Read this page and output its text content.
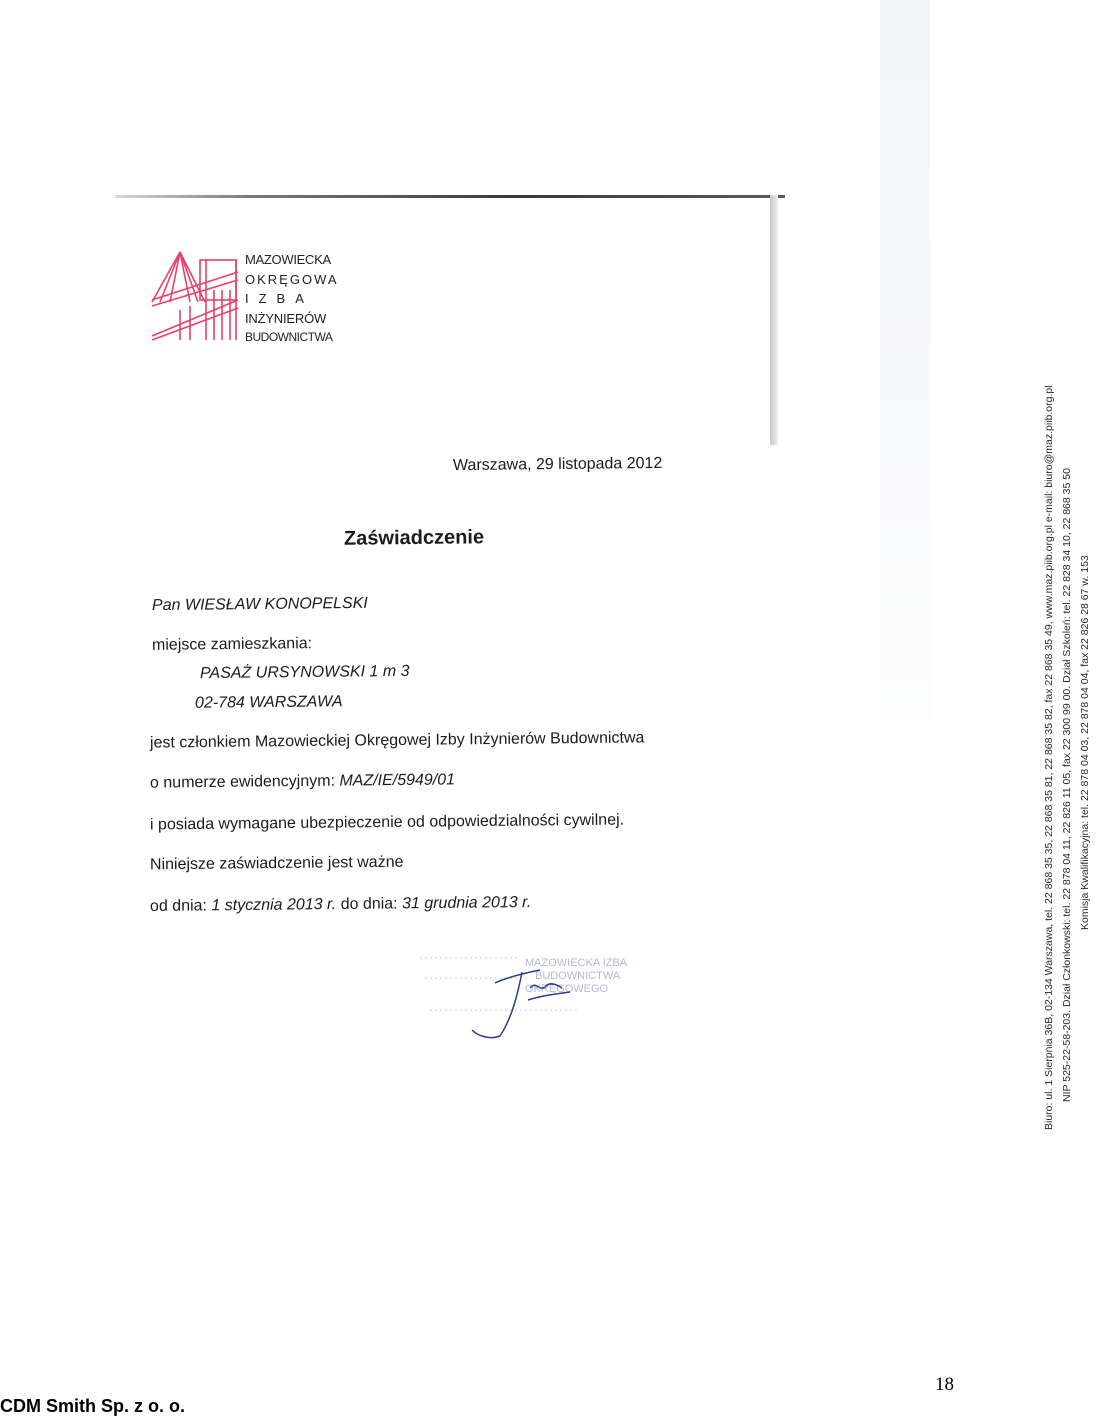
MAZOWIECKA
OKRĘGOWA
IZBA
INŻYNIERÓW
BUDOWNICTWA
Warszawa, 29 listopada 2012
Zaświadczenie
Pan WIESŁAW KONOPELSKI
miejsce zamieszkania:
PASAŻ URSYNOWSKI 1 m 3
02-784 WARSZAWA
jest członkiem Mazowieckiej Okręgowej Izby Inżynierów Budownictwa
o numerze ewidencyjnym: MAZ/IE/5949/01
i posiada wymagane ubezpieczenie od odpowiedzialności cywilnej.
Niniejsze zaświadczenie jest ważne
od dnia: 1 stycznia 2013 r. do dnia: 31 grudnia 2013 r.
MAZOWIECKA IZBA
BUDOWNICTWA
OKRĘGOWEGO	Biuro: ul. 1 Sierpnia 36B, 02-134 Warszawa, tel. 22 868 35 35, 22 868 35 81, 22 868 35 82, fax 22 868 35 49, www.maz.piib.org.pl e-mail: biuro@maz.piib.org.pl NIP 525-22-58-203. Dział Członkowski: tel. 22 878 04 11, 22 826 11 05, fax 22 300 99 00. Dział Szkoleń: tel. 22 828 34 10, 22 868 35 50 Komisja Kwalifikacyjna: tel. 22 878 04 03, 22 878 04 04, fax 22 826 28 67 w. 153
CDM Smith Sp. z o. o.
18
